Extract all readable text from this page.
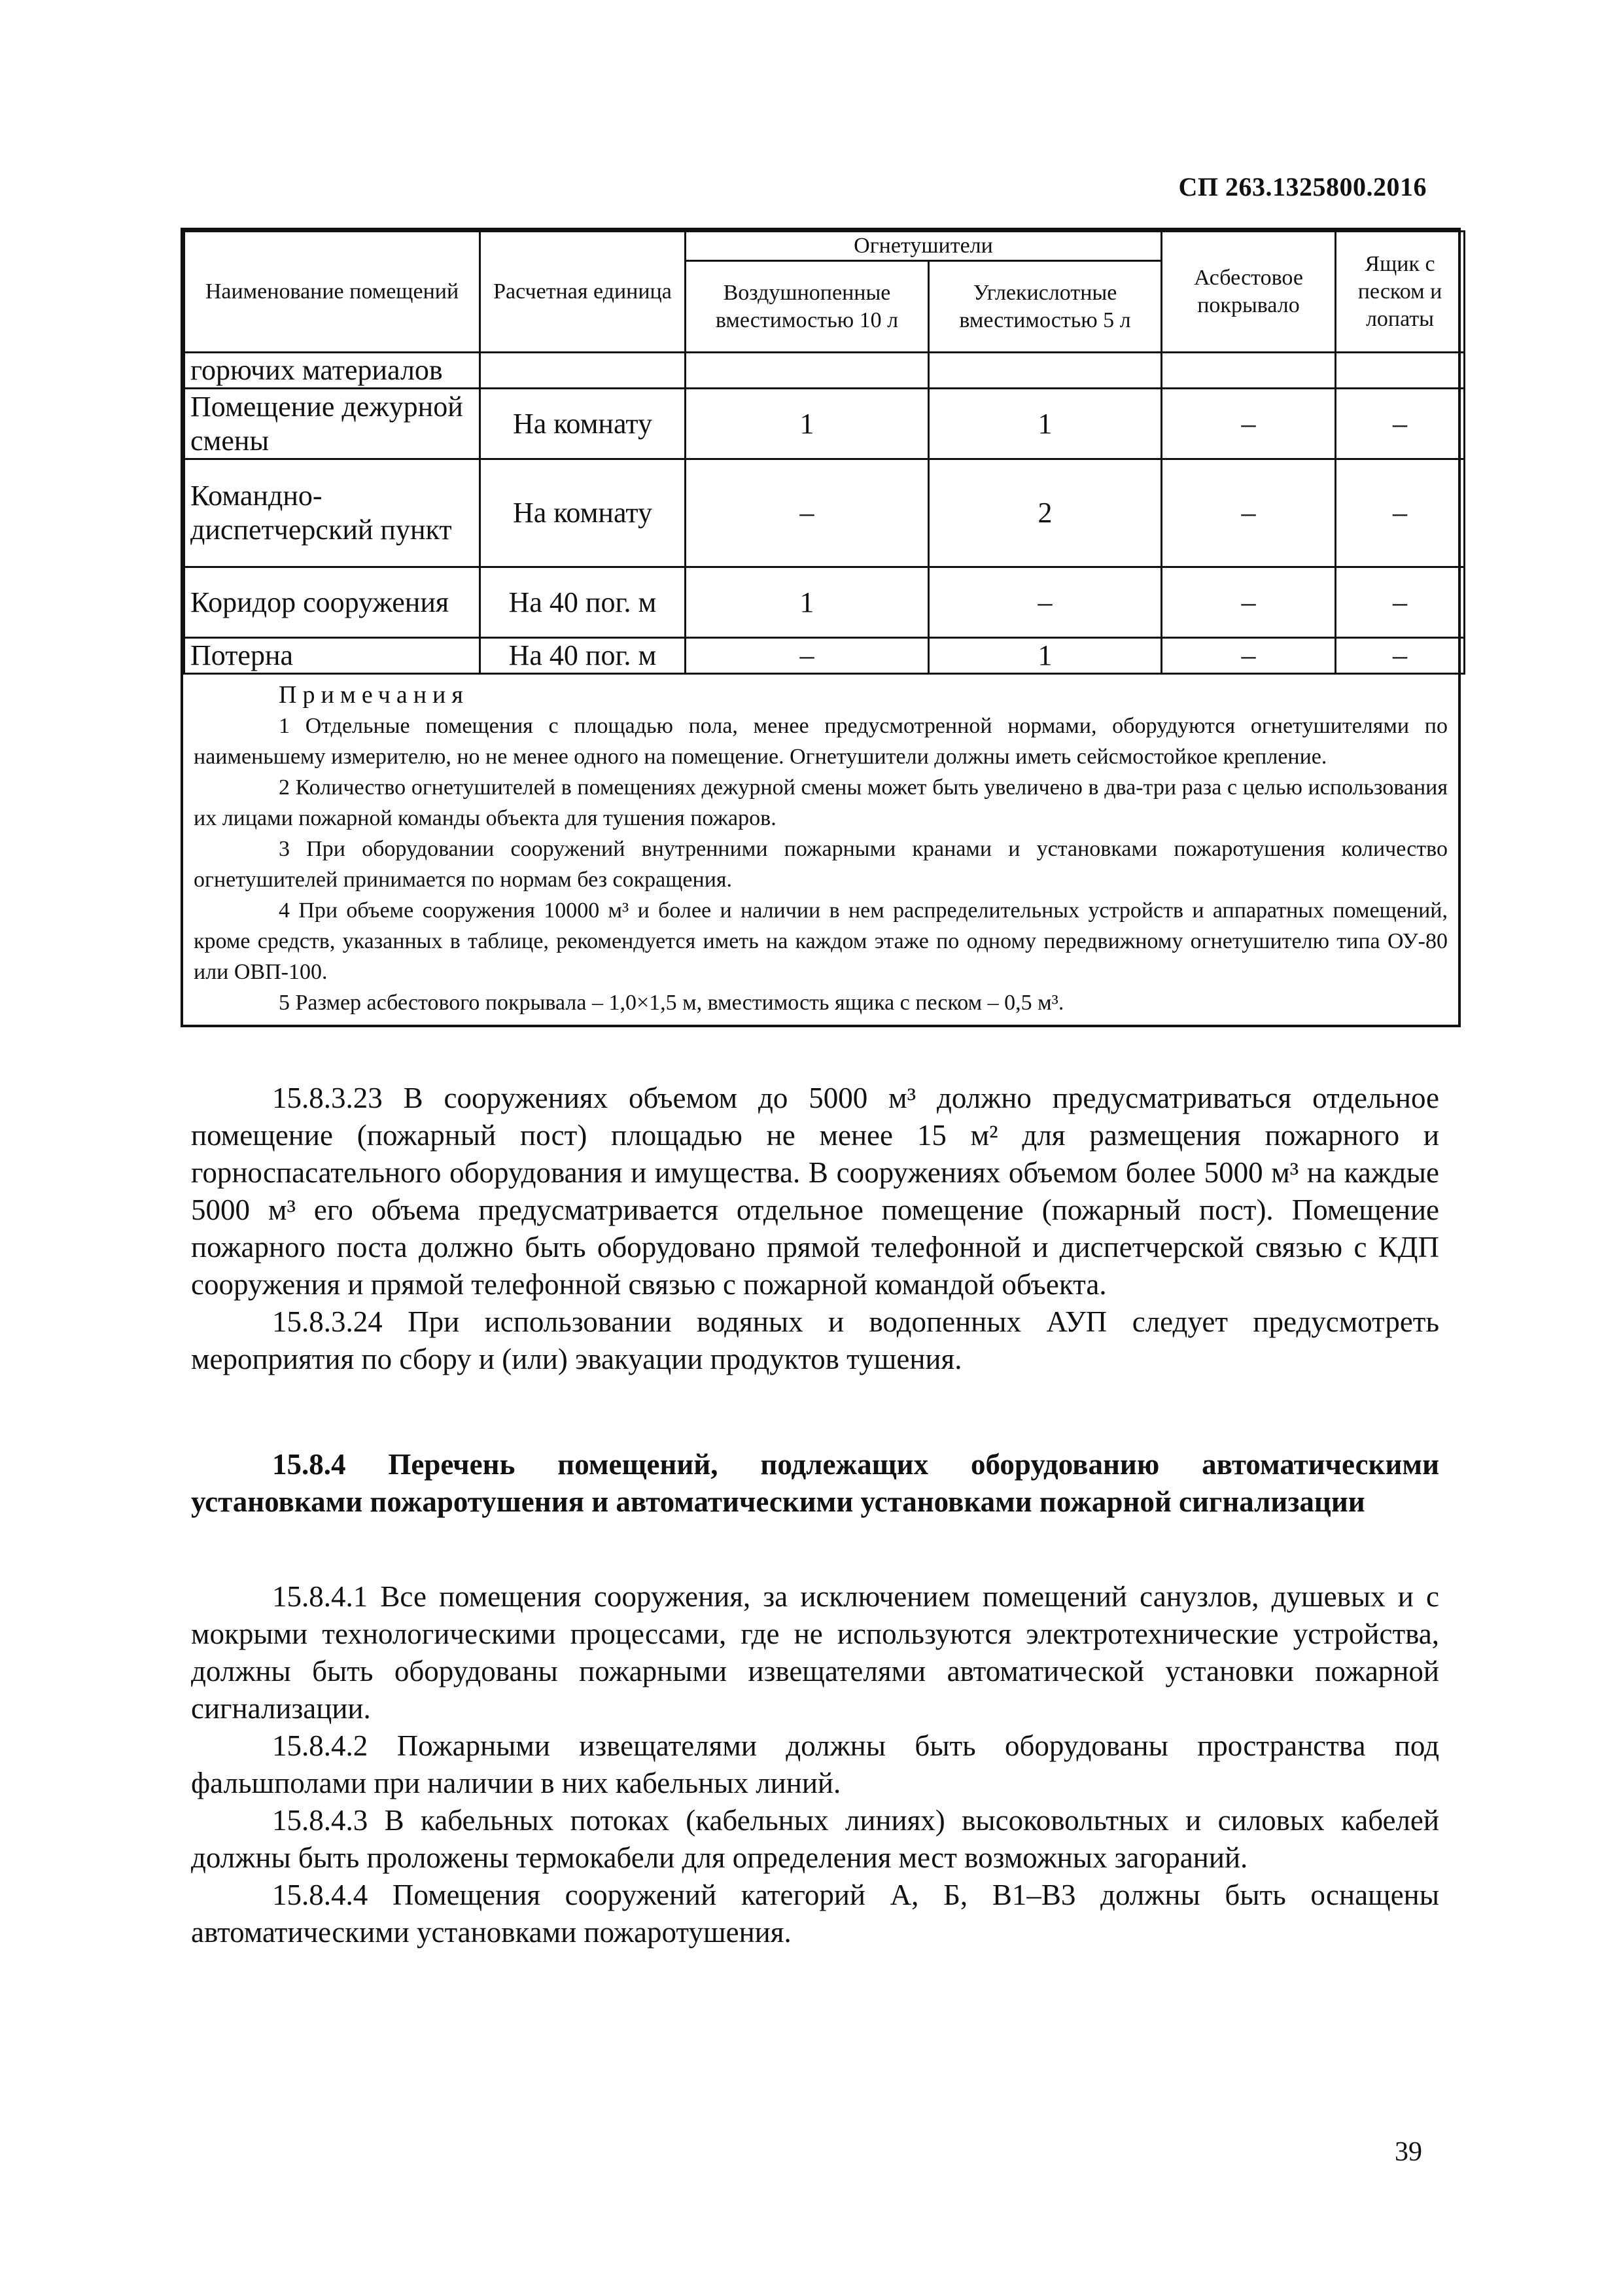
СП 263.1325800.2016
Наименование помещений	Расчетная единица	Огнетушители		Асбестовое покрывало	Ящик с песком и лопаты
		Воздушнопенные вместимостью 10 л	Углекислотные вместимостью 5 л		
горючих материалов					
Помещение дежурной смены	На комнату	1	1	–	–
Командно-диспетчерский пункт	На комнату	–	2	–	–
Коридор сооружения	На 40 пог. м	1	–	–	–
Потерна	На 40 пог. м	–	1	–	–
Примечания

1 Отдельные помещения с площадью пола, менее предусмотренной нормами, оборудуются огнетушителями по наименьшему измерителю, но не менее одного на помещение. Огнетушители должны иметь сейсмостойкое крепление.

2 Количество огнетушителей в помещениях дежурной смены может быть увеличено в два-три раза с целью использования их лицами пожарной команды объекта для тушения пожаров.

3 При оборудовании сооружений внутренними пожарными кранами и установками пожаротушения количество огнетушителей принимается по нормам без сокращения.

4 При объеме сооружения 10000 м³ и более и наличии в нем распределительных устройств и аппаратных помещений, кроме средств, указанных в таблице, рекомендуется иметь на каждом этаже по одному передвижному огнетушителю типа ОУ-80 или ОВП-100.

5 Размер асбестового покрывала – 1,0×1,5 м, вместимость ящика с песком – 0,5 м³.

15.8.3.23 В сооружениях объемом до 5000 м³ должно предусматриваться отдельное помещение (пожарный пост) площадью не менее 15 м² для размещения пожарного и горноспасательного оборудования и имущества. В сооружениях объемом более 5000 м³ на каждые 5000 м³ его объема предусматривается отдельное помещение (пожарный пост). Помещение пожарного поста должно быть оборудовано прямой телефонной и диспетчерской связью с КДП сооружения и прямой телефонной связью с пожарной командой объекта.

15.8.3.24 При использовании водяных и водопенных АУП следует предусмотреть мероприятия по сбору и (или) эвакуации продуктов тушения.

15.8.4 Перечень помещений, подлежащих оборудованию автоматическими установками пожаротушения и автоматическими установками пожарной сигнализации

15.8.4.1 Все помещения сооружения, за исключением помещений санузлов, душевых и с мокрыми технологическими процессами, где не используются электротехнические устройства, должны быть оборудованы пожарными извещателями автоматической установки пожарной сигнализации.

15.8.4.2 Пожарными извещателями должны быть оборудованы пространства под фальшполами при наличии в них кабельных линий.

15.8.4.3 В кабельных потоках (кабельных линиях) высоковольтных и силовых кабелей должны быть проложены термокабели для определения мест возможных загораний.

15.8.4.4 Помещения сооружений категорий А, Б, В1–В3 должны быть оснащены автоматическими установками пожаротушения.

39
